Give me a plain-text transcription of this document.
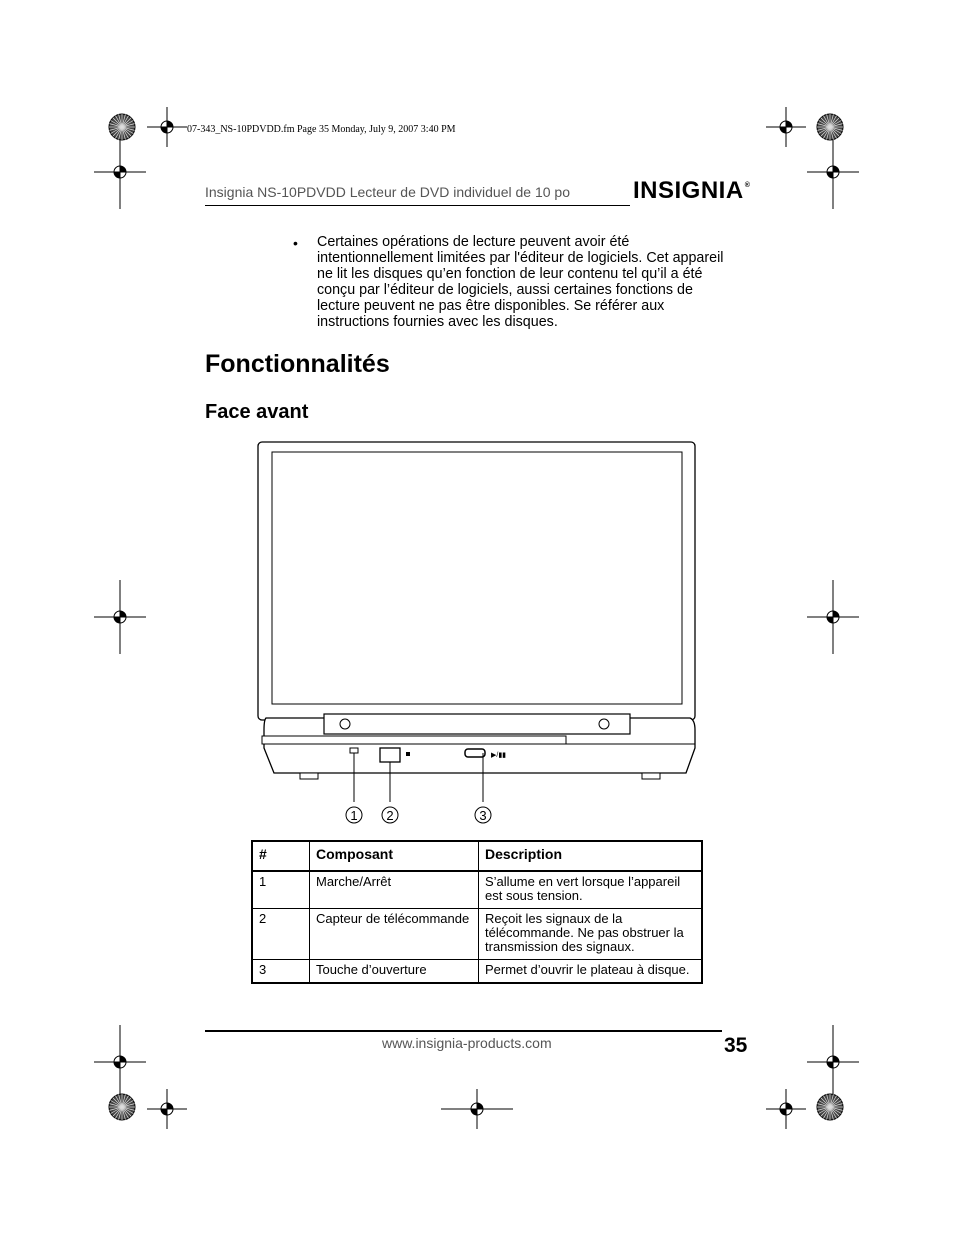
07-343_NS-10PDVDD.fm Page 35 Monday, July 9, 2007 3:40 PM
Insignia NS-10PDVDD Lecteur de DVD individuel de 10 po	INSIGNIA®
• Certaines opérations de lecture peuvent avoir été intentionnellement limitées par l'éditeur de logiciels. Cet appareil ne lit les disques qu’en fonction de leur contenu tel qu’il a été conçu par l’éditeur de logiciels, aussi certaines fonctions de lecture peuvent ne pas être disponibles. Se référer aux instructions fournies avec les disques.
Fonctionnalités
Face avant
▶/▮▮
1 2	3
#	Composant	Description
1	Marche/Arrêt	S’allume en vert lorsque l’appareil est sous tension.
2	Capteur de télécommande	Reçoit les signaux de la télécommande. Ne pas obstruer la transmission des signaux.
3	Touche d’ouverture	Permet d’ouvrir le plateau à disque.
www.insignia-products.com	35
